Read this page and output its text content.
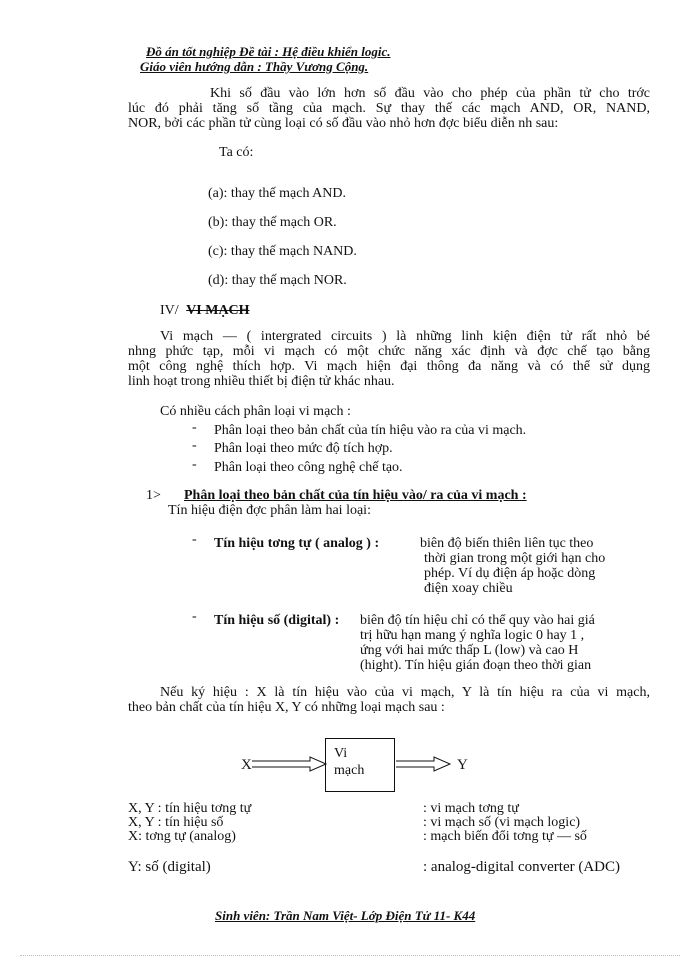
Đồ án tốt nghiệp Đề tài : Hệ điều khiển logic.
Giáo viên hướng dẫn : Thầy Vương Cộng.
Khi số đầu vào lớn hơn số đầu vào cho phép của phần tử cho trớc
lúc đó phải tăng số tầng của mạch. Sự thay thế các mạch AND, OR, NAND,
NOR, bởi các phần tử cùng loại có số đầu vào nhỏ hơn đợc biểu diễn nh sau:
Ta có:
(a): thay thế mạch AND.
(b): thay thế mạch OR.
(c): thay thế mạch NAND.
(d): thay thế mạch NOR.
IV/ VI MẠCH
Vi mạch — ( intergrated circuits ) là những linh kiện điện tử rất nhỏ bé
nhng phức tạp, mỗi vi mạch có một chức năng xác định và đợc chế tạo bằng
một công nghệ thích hợp. Vi mạch hiện đại thông đa năng và có thể sử dụng
linh hoạt trong nhiều thiết bị điện tử khác nhau.
Có nhiều cách phân loại vi mạch :
- Phân loại theo bản chất của tín hiệu vào ra của vi mạch.
- Phân loại theo mức độ tích hợp.
- Phân loại theo công nghệ chế tạo.
1> Phân loại theo bản chất của tín hiệu vào/ ra của vi mạch :
Tín hiệu điện đợc phân làm hai loại:
- Tín hiệu tơng tự ( analog ) :	biên độ biến thiên liên tục theo
thời gian trong một giới hạn cho
phép. Ví dụ điện áp hoặc dòng
điện xoay chiều
- Tín hiệu số (digital) : biên độ tín hiệu chỉ có thể quy vào hai giá
trị hữu hạn mang ý nghĩa logic 0 hay 1 ,
ứng với hai mức thấp L (low) và cao H
(hight). Tín hiệu gián đoạn theo thời gian
Nếu ký hiệu : X là tín hiệu vào của vi mạch, Y là tín hiệu ra của vi mạch,
theo bản chất của tín hiệu X, Y có những loại mạch sau :
X
Vi
mạch	Y
X, Y : tín hiệu tơng tự	: vi mạch tơng tự
X, Y : tín hiệu số	: vi mạch số (vi mạch logic)
X: tơng tự (analog)	: mạch biến đổi tơng tự — số
Y: số (digital)	: analog-digital converter (ADC)
Sinh viên: Trần Nam Việt- Lớp Điện Tử 11- K44
